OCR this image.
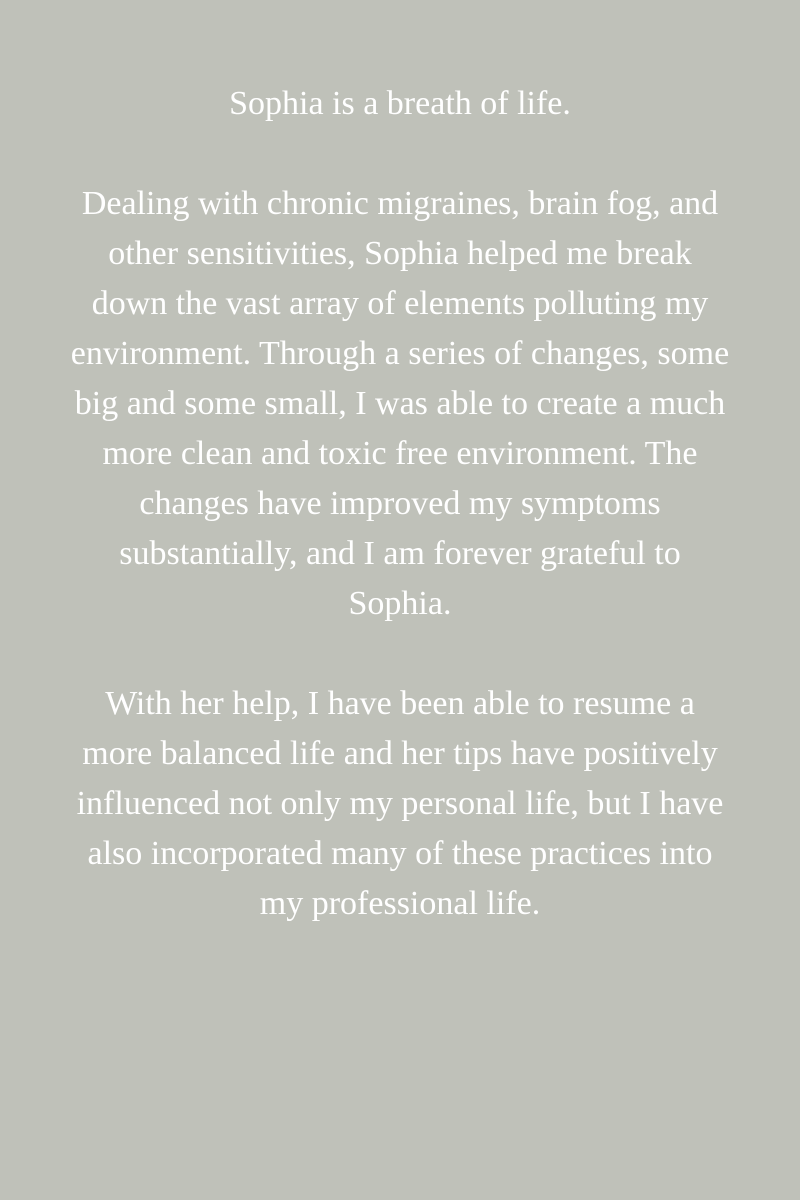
Sophia is a breath of life.

Dealing with chronic migraines, brain fog, and other sensitivities, Sophia helped me break down the vast array of elements polluting my environment. Through a series of changes, some big and some small, I was able to create a much more clean and toxic free environment. The changes have improved my symptoms substantially, and I am forever grateful to Sophia.

With her help, I have been able to resume a more balanced life and her tips have positively influenced not only my personal life, but I have also incorporated many of these practices into my professional life.
